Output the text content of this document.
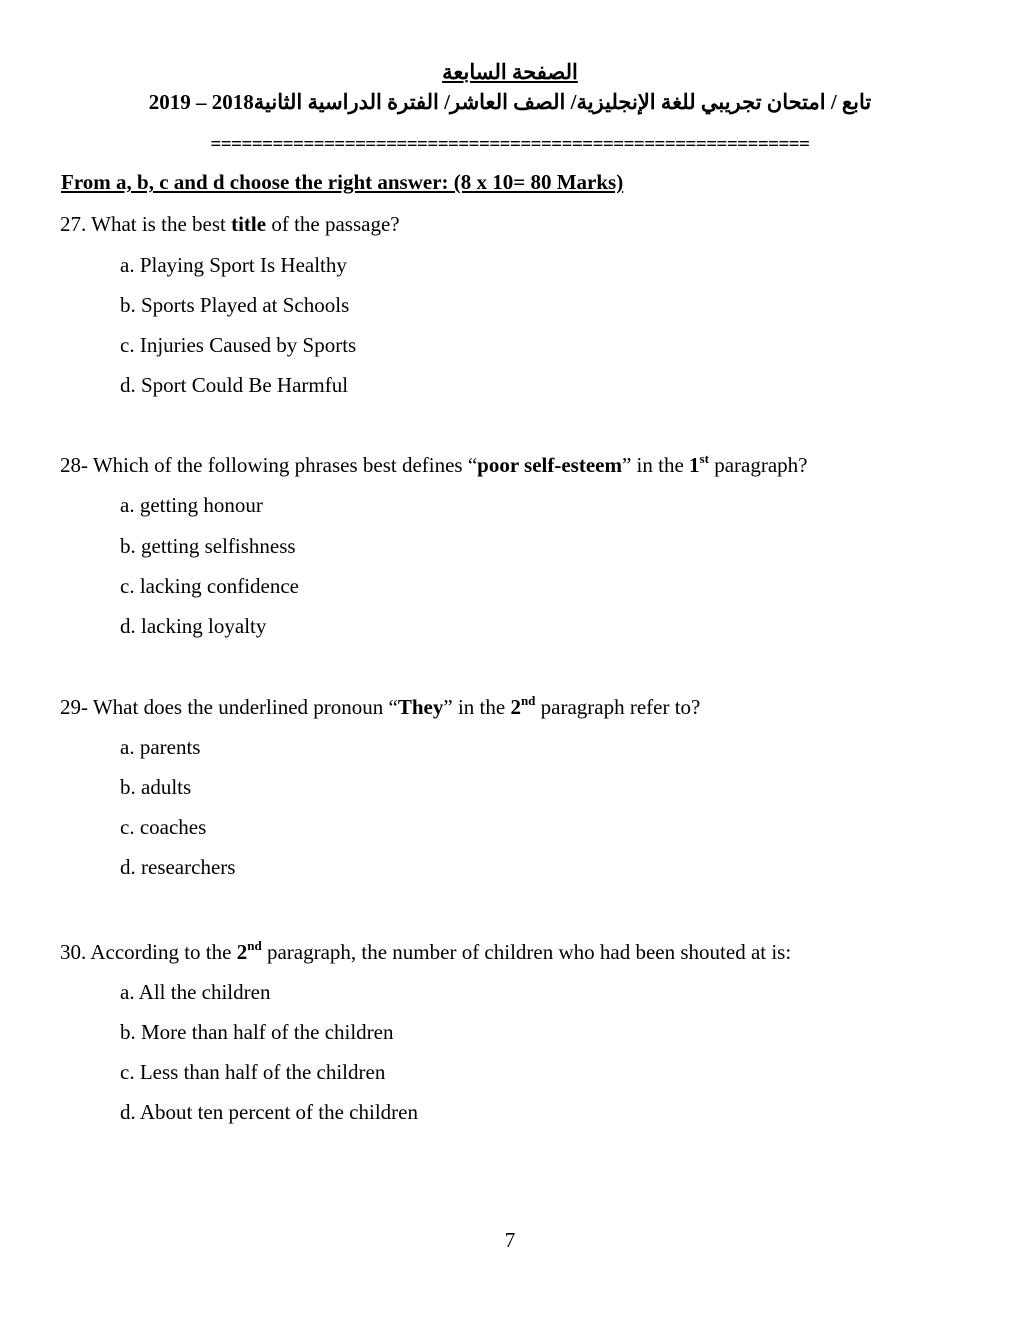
الصفحة السابعة
تابع / امتحان تجريبي للغة الإنجليزية/ الصف العاشر/ الفترة الدراسية الثانية2018 – 2019
==========================================================
From a, b, c and d choose the right answer: (8 x 10= 80 Marks)
27. What is the best title of the passage?
a. Playing Sport Is Healthy
b. Sports Played at Schools
c. Injuries Caused by Sports
d. Sport Could Be Harmful
28- Which of the following phrases best defines “poor self-esteem” in the 1st paragraph?
a. getting honour
b. getting selfishness
c. lacking confidence
d. lacking loyalty
29- What does the underlined pronoun “They” in the 2nd paragraph refer to?
a. parents
b. adults
c. coaches
d. researchers
30. According to the 2nd paragraph, the number of children who had been shouted at is:
a. All the children
b. More than half of the children
c. Less than half of the children
d. About ten percent of the children
7
